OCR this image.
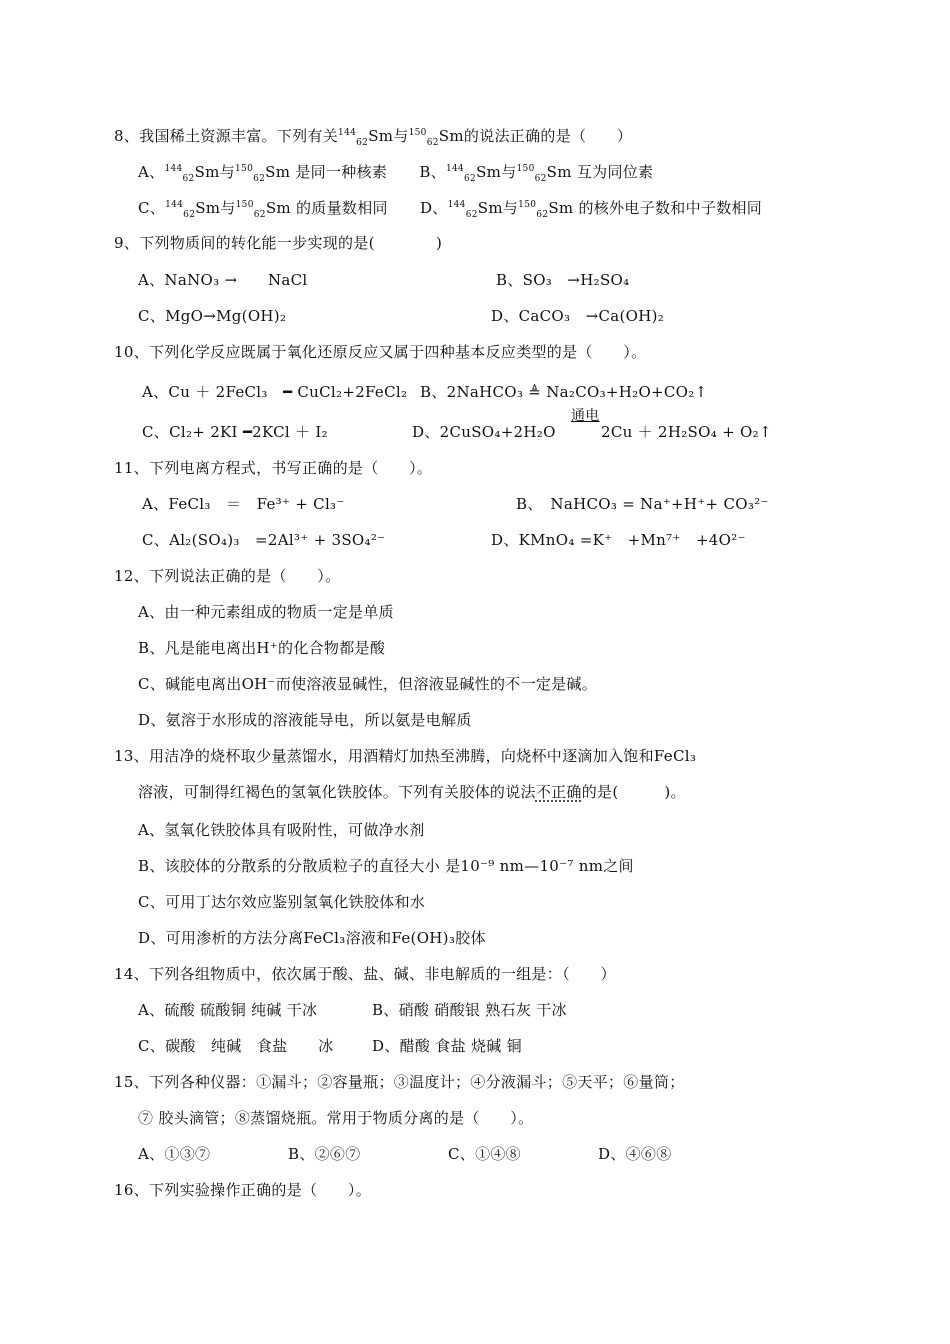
8、我国稀土资源丰富。下列有关$^{144}_{62}$Sm与$^{150}_{62}$Sm的说法正确的是（　　）
A、$^{144}_{62}$Sm与$^{150}_{62}$Sm 是同一种核素 B、$^{144}_{62}$Sm与$^{150}_{62}$Sm 互为同位素
C、$^{144}_{62}$Sm与$^{150}_{62}$Sm 的质量数相同 D、$^{144}_{62}$Sm与$^{150}_{62}$Sm 的核外电子数和中子数相同
9、下列物质间的转化能一步实现的是(　　　　)
A、NaNO₃ →　　NaCl	B、SO₃　→H₂SO₄
C、MgO→Mg(OH)₂	D、CaCO₃　→Ca(OH)₂
10、下列化学反应既属于氧化还原反应又属于四种基本反应类型的是（　　）。
A、Cu ＋ 2FeCl₃　━ CuCl₂+2FeCl₂ B、2NaHCO₃ ≜ Na₂CO₃+H₂O+CO₂↑
C、Cl₂+ 2KI ━2KCl ＋ I₂	D、2CuSO₄+2H₂O　
通电
2Cu ＋ 2H₂SO₄ + O₂↑
11、下列电离方程式，书写正确的是（　　）。
A、FeCl₃　＝　Fe³⁺ + Cl₃⁻	B、　NaHCO₃ = Na⁺+H⁺+ CO₃²⁻
C、Al₂(SO₄)₃　=2Al³⁺ + 3SO₄²⁻	D、KMnO₄ =K⁺　+Mn⁷⁺　+4O²⁻
12、下列说法正确的是（　　）。
A、由一种元素组成的物质一定是单质
B、凡是能电离出H⁺的化合物都是酸
C、碱能电离出OH⁻而使溶液显碱性，但溶液显碱性的不一定是碱。
D、氨溶于水形成的溶液能导电，所以氨是电解质
13、用洁净的烧杯取少量蒸馏水，用酒精灯加热至沸腾，向烧杯中逐滴加入饱和FeCl₃
溶液，可制得红褐色的氢氧化铁胶体。下列有关胶体的说法不正确的是(　　　)。
A、氢氧化铁胶体具有吸附性，可做净水剂
B、该胶体的分散系的分散质粒子的直径大小 是10⁻⁹ nm—10⁻⁷ nm之间
C、可用丁达尔效应鉴别氢氧化铁胶体和水
D、可用渗析的方法分离FeCl₃溶液和Fe(OH)₃胶体
14、下列各组物质中，依次属于酸、盐、碱、非电解质的一组是：（　　）
A、硫酸 硫酸铜 纯碱 干冰	B、硝酸 硝酸银 熟石灰 干冰
C、碳酸　纯碱　食盐　　冰	D、醋酸 食盐 烧碱 铜
15、下列各种仪器：①漏斗；②容量瓶；③温度计；④分液漏斗；⑤天平；⑥量筒；
⑦ 胶头滴管；⑧蒸馏烧瓶。常用于物质分离的是（　　）。
A、①③⑦	B、②⑥⑦	C、①④⑧	D、④⑥⑧
16、下列实验操作正确的是（　　）。
